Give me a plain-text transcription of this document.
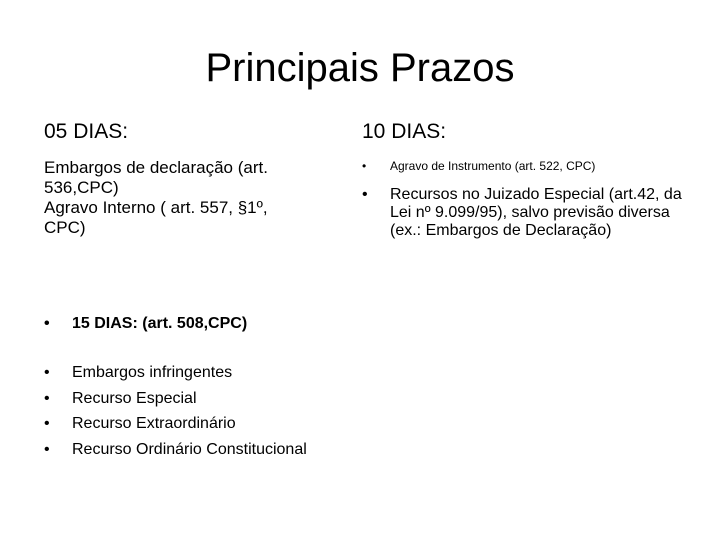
Principais Prazos
05 DIAS:

Embargos de declaração (art.

536,CPC)

Agravo Interno ( art. 557, §1º,

CPC)

10 DIAS:
• Agravo de Instrumento (art. 522, CPC)
• Recursos no Juizado Especial (art.42, da Lei nº 9.099/95), salvo previsão diversa (ex.: Embargos de Declaração)
• 15 DIAS: (art. 508,CPC)
• Embargos infringentes
• Recurso Especial
• Recurso Extraordinário
• Recurso Ordinário Constitucional
